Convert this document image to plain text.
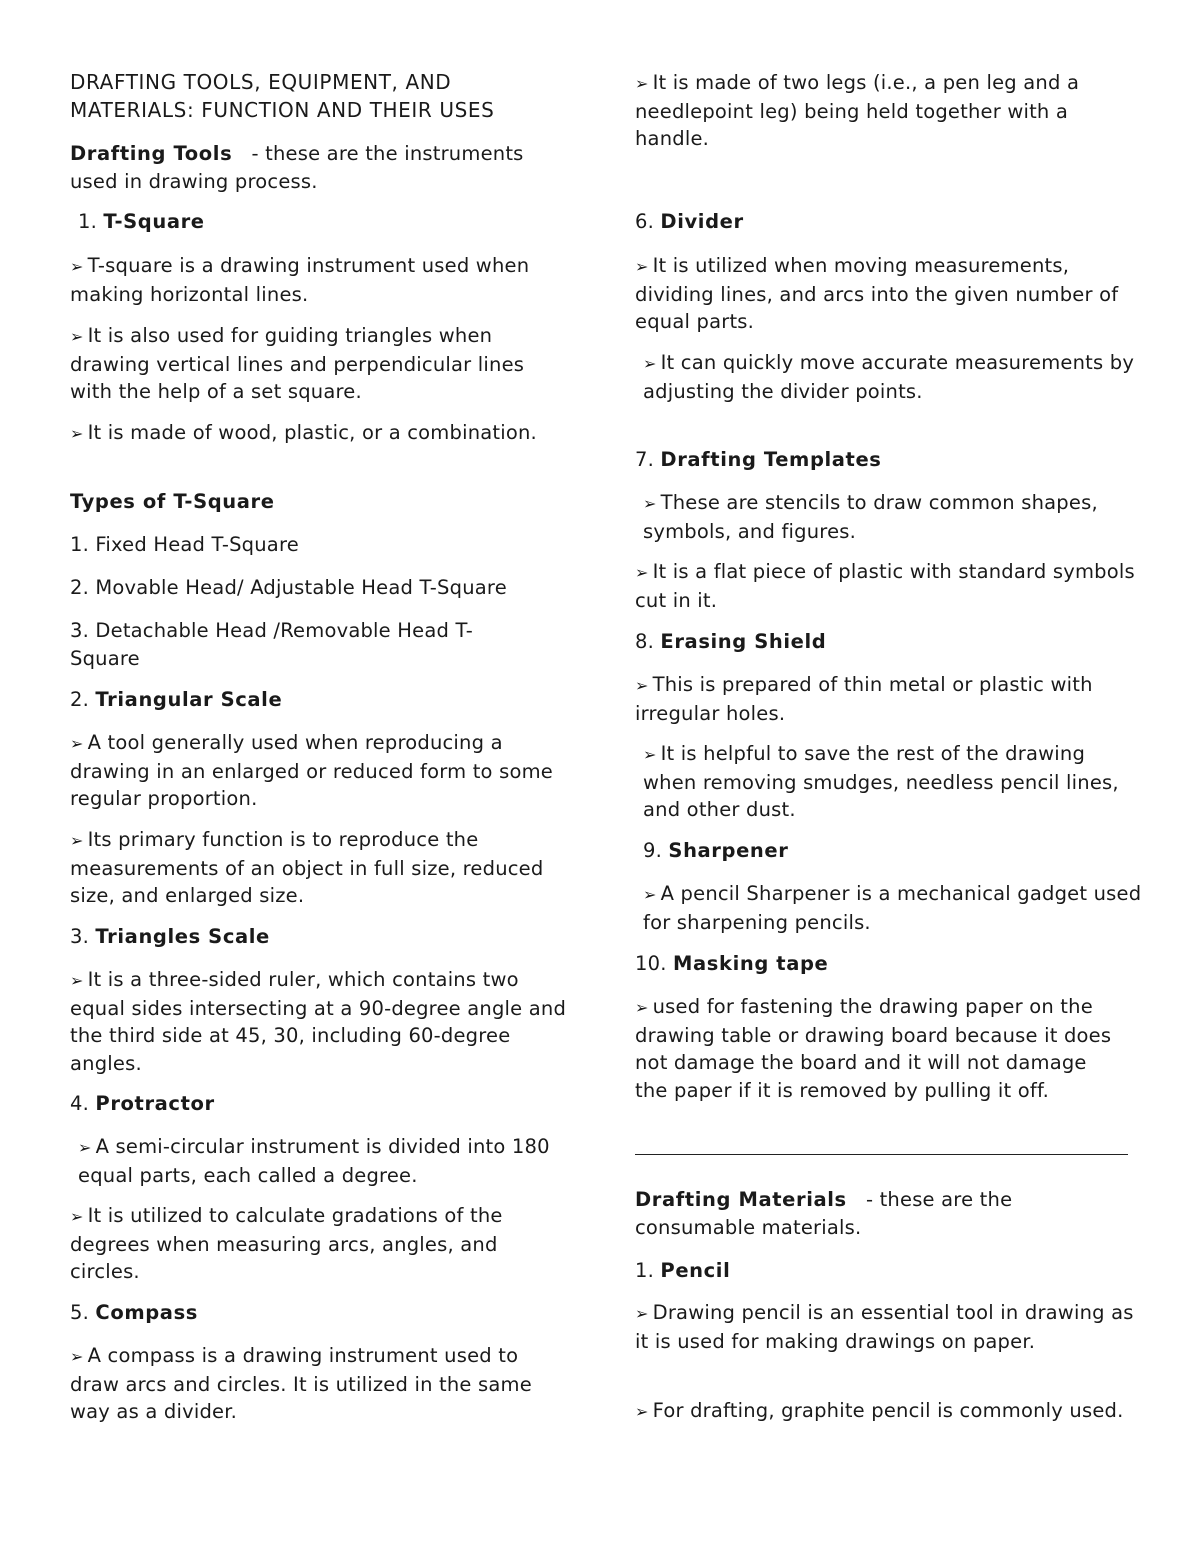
DRAFTING TOOLS, EQUIPMENT, AND
MATERIALS: FUNCTION AND THEIR USES

Drafting Tools - these are the instruments used in drawing process.

1. T-Square

➢ T-square is a drawing instrument used when making horizontal lines.

➢ It is also used for guiding triangles when drawing vertical lines and perpendicular lines with the help of a set square.

➢ It is made of wood, plastic, or a combination.

Types of T-Square

1. Fixed Head T-Square

2. Movable Head/ Adjustable Head T-Square

3. Detachable Head /Removable Head T-Square

2. Triangular Scale

➢ A tool generally used when reproducing a drawing in an enlarged or reduced form to some regular proportion.

➢ Its primary function is to reproduce the measurements of an object in full size, reduced size, and enlarged size.

3. Triangles Scale

➢ It is a three-sided ruler, which contains two equal sides intersecting at a 90-degree angle and the third side at 45, 30, including 60-degree angles.

4. Protractor

➢ A semi-circular instrument is divided into 180 equal parts, each called a degree.

➢ It is utilized to calculate gradations of the degrees when measuring arcs, angles, and circles.

5. Compass

➢ A compass is a drawing instrument used to draw arcs and circles. It is utilized in the same way as a divider.

➢ It is made of two legs (i.e., a pen leg and a needlepoint leg) being held together with a handle.

6. Divider

➢ It is utilized when moving measurements, dividing lines, and arcs into the given number of equal parts.

➢ It can quickly move accurate measurements by adjusting the divider points.

7. Drafting Templates

➢ These are stencils to draw common shapes, symbols, and figures.

➢ It is a flat piece of plastic with standard symbols cut in it.

8. Erasing Shield

➢ This is prepared of thin metal or plastic with irregular holes.

➢ It is helpful to save the rest of the drawing when removing smudges, needless pencil lines, and other dust.

9. Sharpener

➢ A pencil Sharpener is a mechanical gadget used for sharpening pencils.

10. Masking tape

➢ used for fastening the drawing paper on the drawing table or drawing board because it does not damage the board and it will not damage the paper if it is removed by pulling it off.

Drafting Materials - these are the consumable materials.

1. Pencil

➢ Drawing pencil is an essential tool in drawing as it is used for making drawings on paper.

➢ For drafting, graphite pencil is commonly used.
